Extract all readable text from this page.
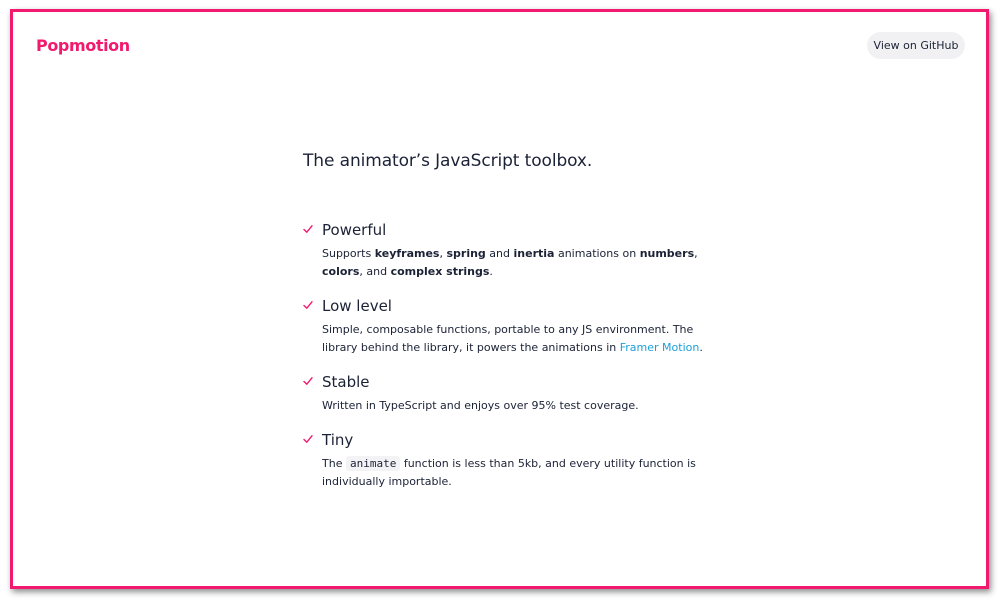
Popmotion	View on GitHub
The animator’s JavaScript toolbox.
Powerful

Supports keyframes, spring and inertia animations on numbers, colors, and complex strings.

Low level

Simple, composable functions, portable to any JS environment. The library behind the library, it powers the animations in Framer Motion.

Stable

Written in TypeScript and enjoys over 95% test coverage.

Tiny

The animate function is less than 5kb, and every utility function is individually importable.
